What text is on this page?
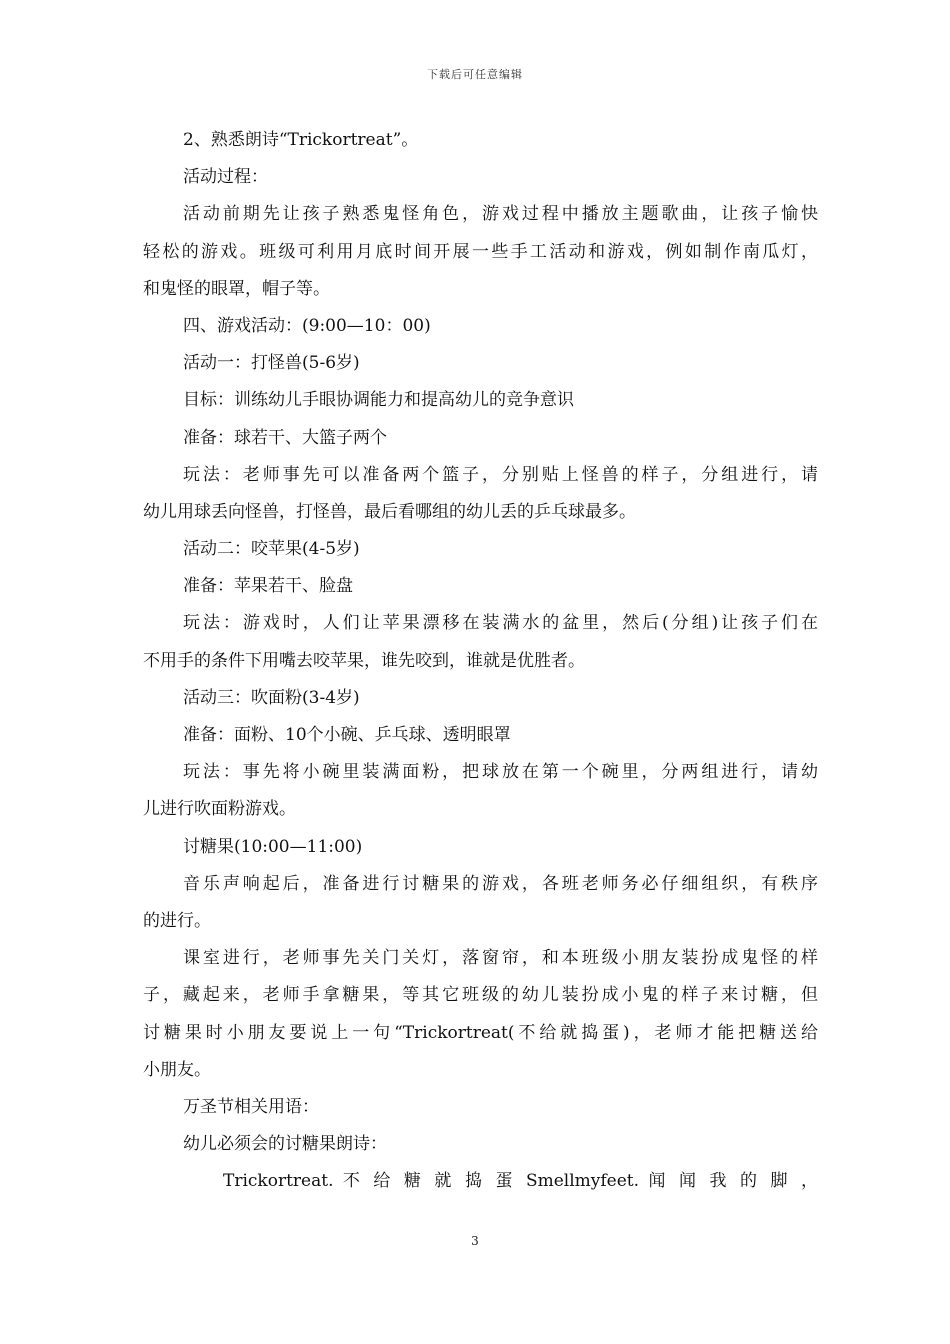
下载后可任意编辑
2、熟悉朗诗“Trickortreat”。
活动过程：
活动前期先让孩子熟悉鬼怪角色，游戏过程中播放主题歌曲，让孩子愉快
轻松的游戏。班级可利用月底时间开展一些手工活动和游戏，例如制作南瓜灯，
和鬼怪的眼罩，帽子等。
四、游戏活动：(9:00—10：00)
活动一：打怪兽(5-6岁)
目标：训练幼儿手眼协调能力和提高幼儿的竞争意识
准备：球若干、大篮子两个
玩法：老师事先可以准备两个篮子，分别贴上怪兽的样子，分组进行，请
幼儿用球丢向怪兽，打怪兽，最后看哪组的幼儿丢的乒乓球最多。
活动二：咬苹果(4-5岁)
准备：苹果若干、脸盘
玩法：游戏时，人们让苹果漂移在装满水的盆里，然后(分组)让孩子们在
不用手的条件下用嘴去咬苹果，谁先咬到，谁就是优胜者。
活动三：吹面粉(3-4岁)
准备：面粉、10个小碗、乒乓球、透明眼罩
玩法：事先将小碗里装满面粉，把球放在第一个碗里，分两组进行，请幼
儿进行吹面粉游戏。
讨糖果(10:00—11:00)
音乐声响起后，准备进行讨糖果的游戏，各班老师务必仔细组织，有秩序
的进行。
课室进行，老师事先关门关灯，落窗帘，和本班级小朋友装扮成鬼怪的样
子，藏起来，老师手拿糖果，等其它班级的幼儿装扮成小鬼的样子来讨糖，但
讨糖果时小朋友要说上一句“Trickortreat(不给就捣蛋)，老师才能把糖送给
小朋友。
万圣节相关用语：
幼儿必须会的讨糖果朗诗：
Trickortreat. 不 给 糖 就 捣 蛋 Smellmyfeet. 闻 闻 我 的 脚 ，
3
